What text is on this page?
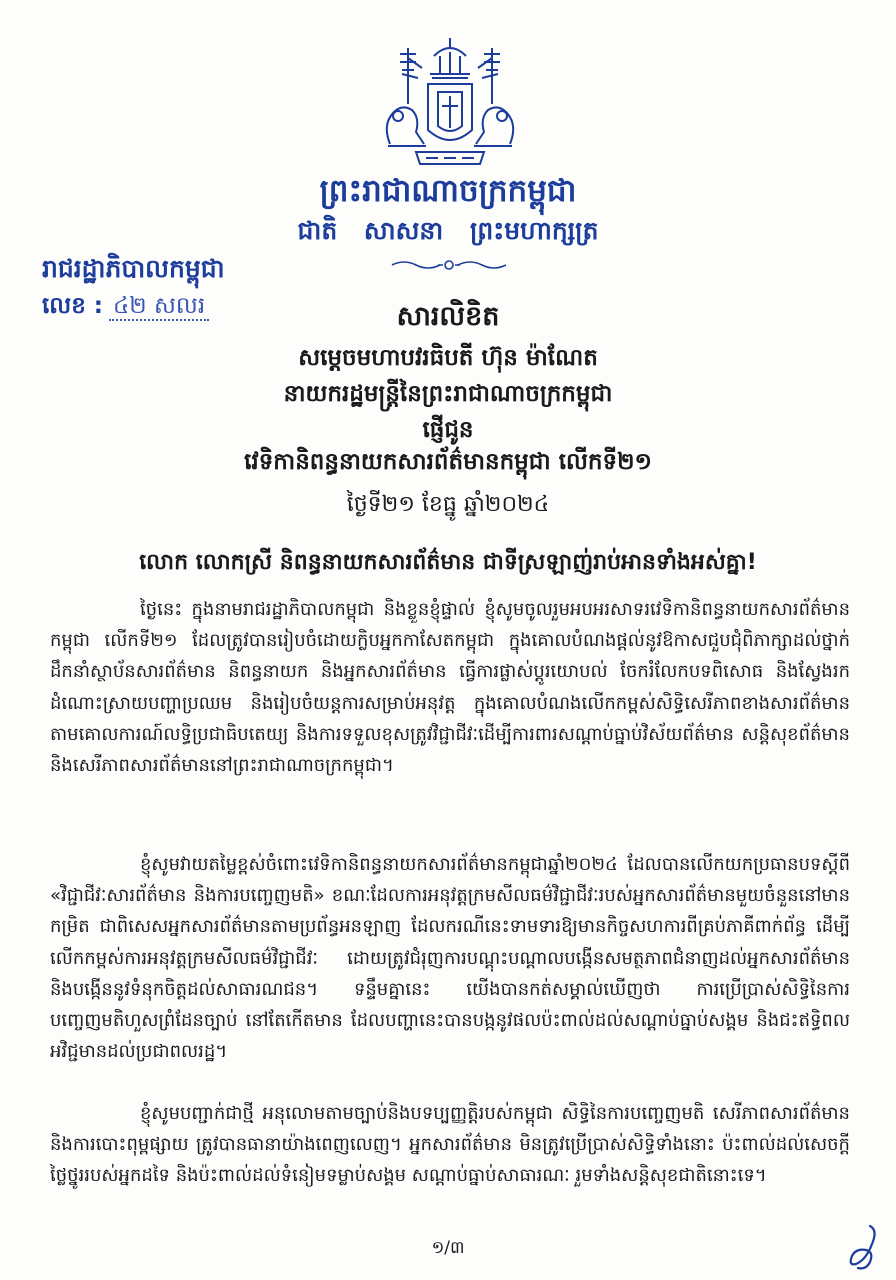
ព្រះរាជាណាចក្រកម្ពុជា
ជាតិ សាសនា ព្រះមហាក្សត្រ
រាជរដ្ឋាភិបាលកម្ពុជា
លេខ : ៤២ សលរ	សារលិខិត
សម្ដេចមហាបវរធិបតី ហ៊ុន ម៉ាណែត
នាយករដ្ឋមន្ត្រីនៃព្រះរាជាណាចក្រកម្ពុជា
ផ្ញើជូន
វេទិកានិពន្ធនាយកសារព័ត៌មានកម្ពុជា លើកទី២១
ថ្ងៃទី២១ ខែធ្នូ ឆ្នាំ២០២៤
លោក លោកស្រី និពន្ធនាយកសារព័ត៌មាន ជាទីស្រឡាញ់រាប់អានទាំងអស់គ្នា!

ថ្ងៃនេះ ក្នុងនាមរាជរដ្ឋាភិបាលកម្ពុជា និងខ្លួនខ្ញុំផ្ទាល់ ខ្ញុំសូមចូលរួមអបអរសាទរវេទិកានិពន្ធនាយកសារព័ត៌មានកម្ពុជា លើកទី២១ ដែលត្រូវបានរៀបចំដោយក្លិបអ្នកកាសែតកម្ពុជា ក្នុងគោលបំណងផ្ដល់នូវឱកាសជួបជុំពិភាក្សាដល់ថ្នាក់ដឹកនាំស្ថាប័នសារព័ត៌មាន និពន្ធនាយក និងអ្នកសារព័ត៌មាន ធ្វើការផ្លាស់ប្ដូរយោបល់ ចែករំលែកបទពិសោធ និងស្វែងរកដំណោះស្រាយបញ្ហាប្រឈម និងរៀបចំយន្តការសម្រាប់អនុវត្ត ក្នុងគោលបំណងលើកកម្ពស់សិទ្ធិសេរីភាពខាងសារព័ត៌មាន តាមគោលការណ៍លទ្ធិប្រជាធិបតេយ្យ និងការទទួលខុសត្រូវវិជ្ជាជីវៈដើម្បីការពារសណ្ដាប់ធ្នាប់វិស័យព័ត៌មាន សន្តិសុខព័ត៌មាន និងសេរីភាពសារព័ត៌មាននៅព្រះរាជាណាចក្រកម្ពុជា។

ខ្ញុំសូមវាយតម្លៃខ្ពស់ចំពោះវេទិកានិពន្ធនាយកសារព័ត៌មានកម្ពុជាឆ្នាំ២០២៤ ដែលបានលើកយកប្រធានបទស្ដីពី «វិជ្ជាជីវៈសារព័ត៌មាន និងការបញ្ចេញមតិ» ខណៈដែលការអនុវត្តក្រមសីលធម៌វិជ្ជាជីវៈរបស់អ្នកសារព័ត៌មានមួយចំនួននៅមានកម្រិត ជាពិសេសអ្នកសារព័ត៌មានតាមប្រព័ន្ធអនឡាញ ដែលករណីនេះទាមទារឱ្យមានកិច្ចសហការពីគ្រប់ភាគីពាក់ព័ន្ធ ដើម្បីលើកកម្ពស់ការអនុវត្តក្រមសីលធម៌វិជ្ជាជីវៈ ដោយត្រូវជំរុញការបណ្ដុះបណ្ដាលបង្កើនសមត្ថភាពជំនាញដល់អ្នកសារព័ត៌មាន និងបង្កើននូវទំនុកចិត្តដល់សាធារណជន។ ទន្ទឹមគ្នានេះ យើងបានកត់សម្គាល់ឃើញថា ការប្រើប្រាស់សិទ្ធិនៃការបញ្ចេញមតិហួសព្រំដែនច្បាប់ នៅតែកើតមាន ដែលបញ្ហានេះបានបង្កនូវផលប៉ះពាល់ដល់សណ្ដាប់ធ្នាប់សង្គម និងជះឥទ្ធិពលអវិជ្ជមានដល់ប្រជាពលរដ្ឋ។

ខ្ញុំសូមបញ្ជាក់ជាថ្មី អនុលោមតាមច្បាប់និងបទប្បញ្ញត្តិរបស់កម្ពុជា សិទ្ធិនៃការបញ្ចេញមតិ សេរីភាពសារព័ត៌មាននិងការបោះពុម្ពផ្សាយ ត្រូវបានធានាយ៉ាងពេញលេញ។ អ្នកសារព័ត៌មាន មិនត្រូវប្រើប្រាស់សិទ្ធិទាំងនោះ ប៉ះពាល់ដល់សេចក្ដីថ្លៃថ្នូររបស់អ្នកដទៃ និងប៉ះពាល់ដល់ទំនៀមទម្លាប់សង្គម សណ្ដាប់ធ្នាប់សាធារណៈ រួមទាំងសន្តិសុខជាតិនោះទេ។

១/៣
